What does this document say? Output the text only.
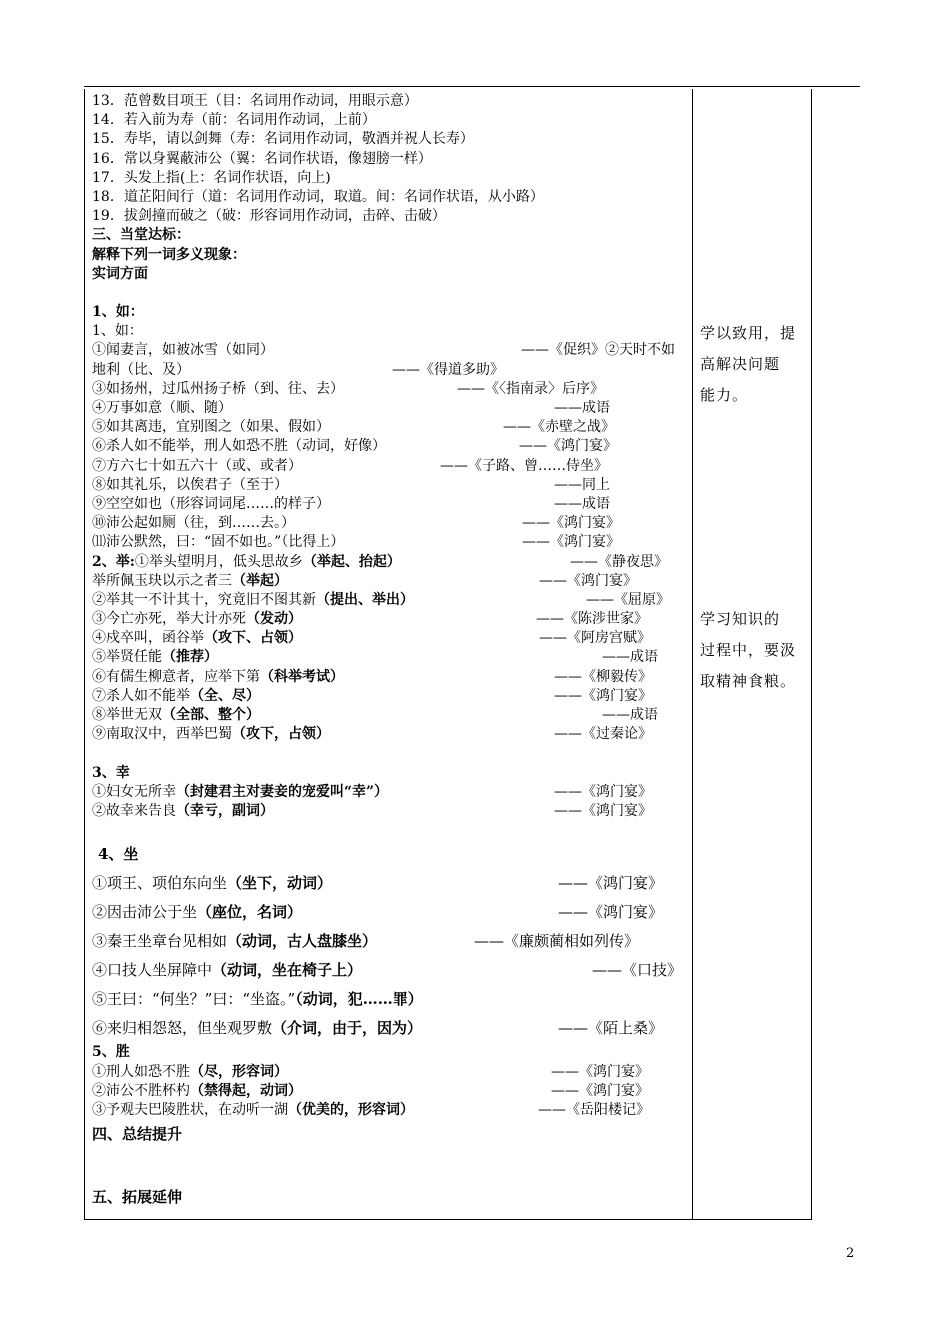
13．范曾数目项王（目：名词用作动词，用眼示意）
14．若入前为寿（前：名词用作动词，上前）
15．寿毕，请以剑舞（寿：名词用作动词，敬酒并祝人长寿）
16．常以身翼蔽沛公（翼：名词作状语，像翅膀一样）
17．头发上指(上：名词作状语，向上)
18．道芷阳间行（道：名词用作动词，取道。间：名词作状语，从小路）
19．拔剑撞而破之（破：形容词用作动词，击碎、击破）
三、当堂达标：
解释下列一词多义现象：
实词方面
1、如：
1、如：
①闻妻言，如被冰雪（如同）	——《促织》②天时不如
地利（比、及）	——《得道多助》
③如扬州，过瓜州扬子桥（到、往、去）	——《〈指南录〉后序》
④万事如意（顺、随）	——成语
⑤如其离违，宜别图之（如果、假如）	——《赤壁之战》
⑥杀人如不能举，刑人如恐不胜（动词，好像）	——《鸿门宴》
⑦方六七十如五六十（或、或者）	——《子路、曾……侍坐》
⑧如其礼乐，以俟君子（至于）	——同上
⑨空空如也（形容词词尾……的样子）	——成语
⑩沛公起如厕（往，到……去。）	——《鸿门宴》
⑾沛公默然，曰：“固不如也。”（比得上）	——《鸿门宴》
2、举:①举头望明月，低头思故乡（举起、抬起）	——《静夜思》
举所佩玉玦以示之者三（举起）	——《鸿门宴》
②举其一不计其十，究竟旧不图其新（提出、举出）	——《屈原》
③今亡亦死，举大计亦死（发动）	——《陈涉世家》
④戍卒叫，函谷举（攻下、占领）	——《阿房宫赋》
⑤举贤任能（推荐）	——成语
⑥有儒生柳意者，应举下第（科举考试）	——《柳毅传》
⑦杀人如不能举（全、尽）	——《鸿门宴》
⑧举世无双（全部、整个）	——成语
⑨南取汉中，西举巴蜀（攻下，占领）	——《过秦论》
3、幸
①妇女无所幸（封建君主对妻妾的宠爱叫“幸”）	——《鸿门宴》
②故幸来告良（幸亏，副词）	——《鸿门宴》
4、坐
①项王、项伯东向坐（坐下，动词）	——《鸿门宴》
②因击沛公于坐（座位，名词）	——《鸿门宴》
③秦王坐章台见相如（动词，古人盘膝坐）	——《廉颇蔺相如列传》
④口技人坐屏障中（动词，坐在椅子上）	——《口技》
⑤王曰：“何坐？”曰：“坐盗。”（动词，犯……罪）
⑥来归相怨怒，但坐观罗敷（介词，由于，因为）	——《陌上桑》
5、胜
①刑人如恐不胜（尽，形容词）	——《鸿门宴》
②沛公不胜杯杓（禁得起，动词）	——《鸿门宴》
③予观夫巴陵胜状，在动听一湖（优美的，形容词）	——《岳阳楼记》
四、总结提升
五、拓展延伸
学以致用，提
高解决问题
能力。
学习知识的
过程中，要汲
取精神食粮。
2
